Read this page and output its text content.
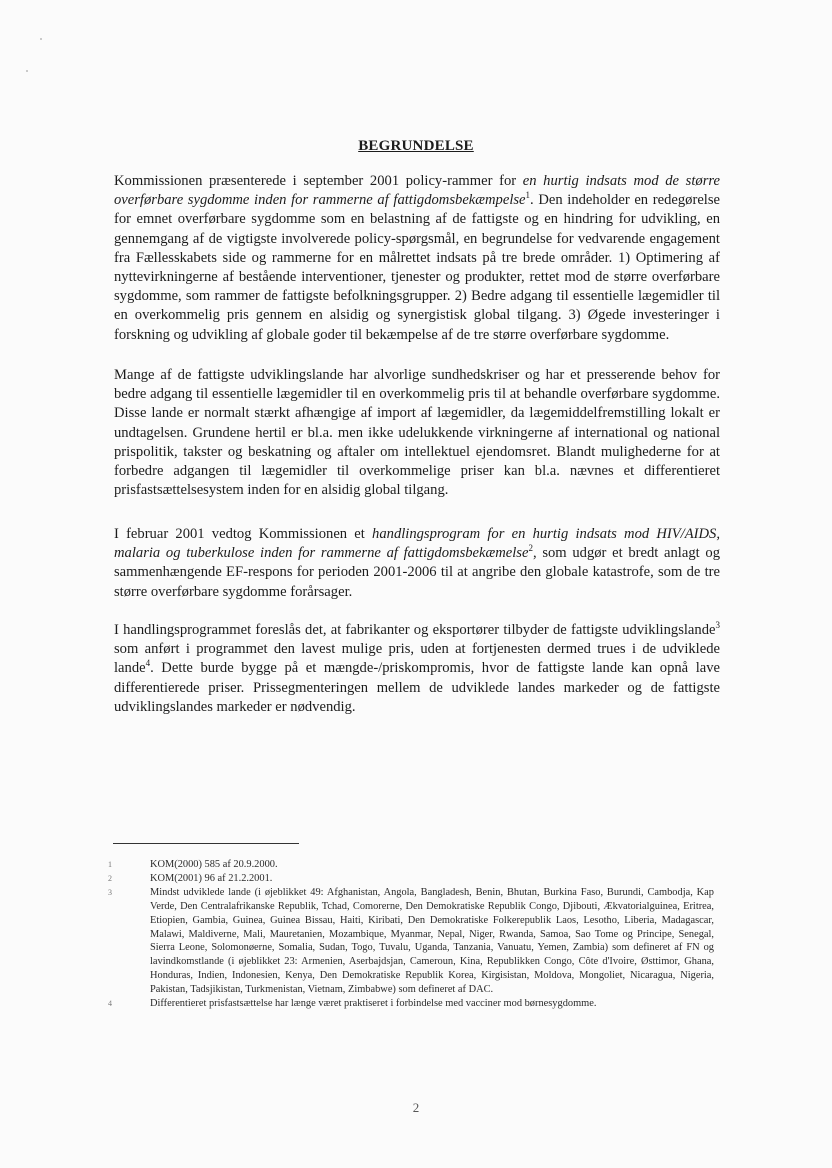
BEGRUNDELSE

Kommissionen præsenterede i september 2001 policy-rammer for en hurtig indsats mod de større overførbare sygdomme inden for rammerne af fattigdomsbekæmpelse$^1$. Den indeholder en redegørelse for emnet overførbare sygdomme som en belastning af de fattigste og en hindring for udvikling, en gennemgang af de vigtigste involverede policy-spørgsmål, en begrundelse for vedvarende engagement fra Fællesskabets side og rammerne for en målrettet indsats på tre brede områder. 1) Optimering af nyttevirkningerne af bestående interventioner, tjenester og produkter, rettet mod de større overførbare sygdomme, som rammer de fattigste befolkningsgrupper. 2) Bedre adgang til essentielle lægemidler til en overkommelig pris gennem en alsidig og synergistisk global tilgang. 3) Øgede investeringer i forskning og udvikling af globale goder til bekæmpelse af de tre større overførbare sygdomme.

Mange af de fattigste udviklingslande har alvorlige sundhedskriser og har et presserende behov for bedre adgang til essentielle lægemidler til en overkommelig pris til at behandle overførbare sygdomme. Disse lande er normalt stærkt afhængige af import af lægemidler, da lægemiddelfremstilling lokalt er undtagelsen. Grundene hertil er bl.a. men ikke udelukkende virkningerne af international og national prispolitik, takster og beskatning og aftaler om intellektuel ejendomsret. Blandt mulighederne for at forbedre adgangen til lægemidler til overkommelige priser kan bl.a. nævnes et differentieret prisfastsættelsesystem inden for en alsidig global tilgang.

I februar 2001 vedtog Kommissionen et handlingsprogram for en hurtig indsats mod HIV/AIDS, malaria og tuberkulose inden for rammerne af fattigdomsbekæmelse$^2$, som udgør et bredt anlagt og sammenhængende EF-respons for perioden 2001-2006 til at angribe den globale katastrofe, som de tre større overførbare sygdomme forårsager.

I handlingsprogrammet foreslås det, at fabrikanter og eksportører tilbyder de fattigste udviklingslande$^3$ som anført i programmet den lavest mulige pris, uden at fortjenesten dermed trues i de udviklede lande$^4$. Dette burde bygge på et mængde-/priskompromis, hvor de fattigste lande kan opnå lave differentierede priser. Prissegmenteringen mellem de udviklede landes markeder og de fattigste udviklingslandes markeder er nødvendig.

1	KOM(2000) 585 af 20.9.2000.
2	KOM(2001) 96 af 21.2.2001.
3	Mindst udviklede lande (i øjeblikket 49: Afghanistan, Angola, Bangladesh, Benin, Bhutan, Burkina Faso, Burundi, Cambodja, Kap Verde, Den Centralafrikanske Republik, Tchad, Comorerne, Den Demokratiske Republik Congo, Djibouti, Ækvatorialguinea, Eritrea, Etiopien, Gambia, Guinea, Guinea Bissau, Haiti, Kiribati, Den Demokratiske Folkerepublik Laos, Lesotho, Liberia, Madagascar, Malawi, Maldiverne, Mali, Mauretanien, Mozambique, Myanmar, Nepal, Niger, Rwanda, Samoa, Sao Tome og Principe, Senegal, Sierra Leone, Solomonøerne, Somalia, Sudan, Togo, Tuvalu, Uganda, Tanzania, Vanuatu, Yemen, Zambia) som defineret af FN og lavindkomstlande (i øjeblikket 23: Armenien, Aserbajdsjan, Cameroun, Kina, Republikken Congo, Côte d'Ivoire, Østtimor, Ghana, Honduras, Indien, Indonesien, Kenya, Den Demokratiske Republik Korea, Kirgisistan, Moldova, Mongoliet, Nicaragua, Nigeria, Pakistan, Tadsjikistan, Turkmenistan, Vietnam, Zimbabwe) som defineret af DAC.
4	Differentieret prisfastsættelse har længe været praktiseret i forbindelse med vacciner mod børnesygdomme.
2
